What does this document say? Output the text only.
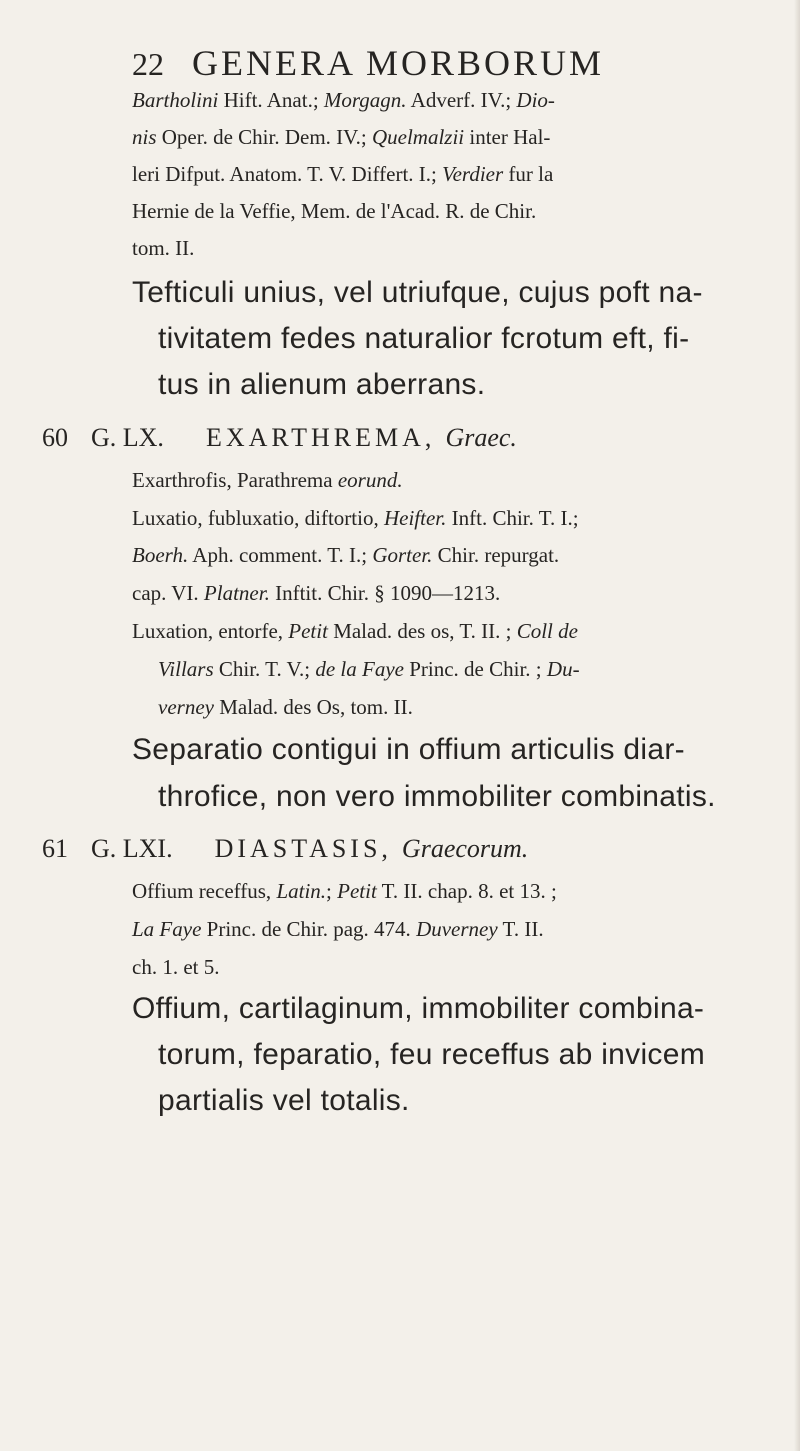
22 GENERA MORBORUM
Bartholini Hift. Anat.; Morgagn. Adverf. IV.; Dio-
nis Oper. de Chir. Dem. IV.; Quelmalzii inter Hal-
leri Difput. Anatom. T. V. Differt. I.; Verdier fur la
Hernie de la Veffie, Mem. de l'Acad. R. de Chir.
tom. II.
Tefticuli unius, vel utriufque, cujus poft na-
tivitatem fedes naturalior fcrotum eft, fi-
tus in alienum aberrans.
60 G. LX. EXARTHREMA, Graec.
Exarthrofis, Parathrema eorund.
Luxatio, fubluxatio, diftortio, Heifter. Inft. Chir. T. I.;
Boerh. Aph. comment. T. I.; Gorter. Chir. repurgat.
cap. VI. Platner. Inftit. Chir. § 1090—1213.
Luxation, entorfe, Petit Malad. des os, T. II. ; Coll de
Villars Chir. T. V.; de la Faye Princ. de Chir. ; Du-
verney Malad. des Os, tom. II.
Separatio contigui in offium articulis diar-
throfice, non vero immobiliter combinatis.
61 G. LXI. DIASTASIS, Graecorum.
Offium receffus, Latin.; Petit T. II. chap. 8. et 13. ;
La Faye Princ. de Chir. pag. 474. Duverney T. II.
ch. 1. et 5.
Offium, cartilaginum, immobiliter combina-
torum, feparatio, feu receffus ab invicem
partialis vel totalis.
